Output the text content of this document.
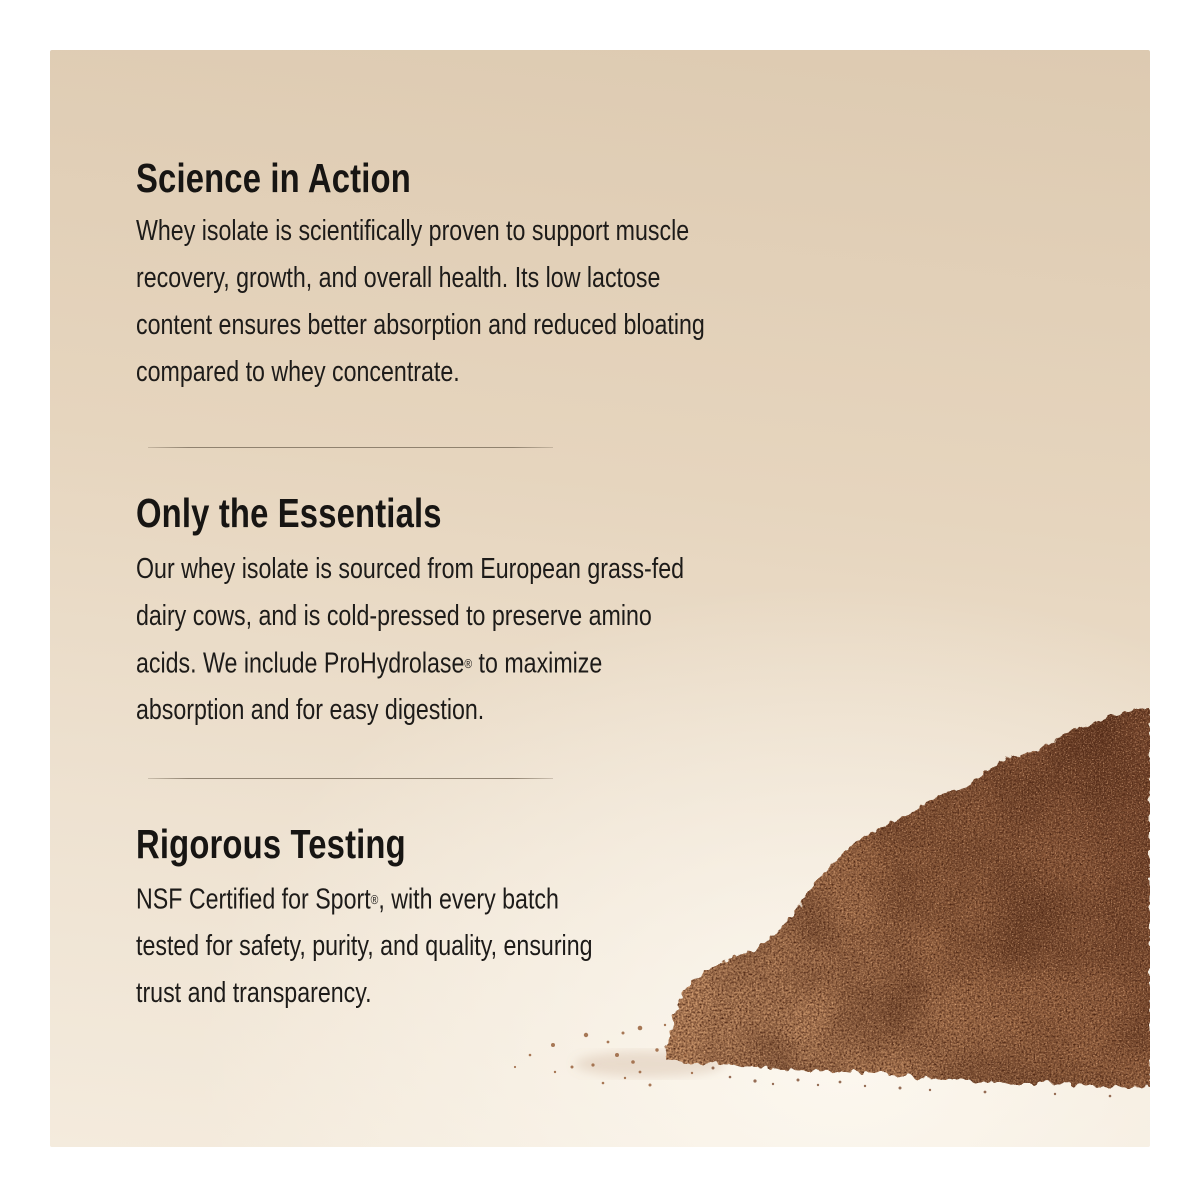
Science in Action
Whey isolate is scientifically proven to support muscle
recovery, growth, and overall health. Its low lactose
content ensures better absorption and reduced bloating
compared to whey concentrate.
Only the Essentials
Our whey isolate is sourced from European grass-fed
dairy cows, and is cold-pressed to preserve amino
acids. We include ProHydrolase® to maximize
absorption and for easy digestion.
Rigorous Testing
NSF Certified for Sport®, with every batch
tested for safety, purity, and quality, ensuring
trust and transparency.
